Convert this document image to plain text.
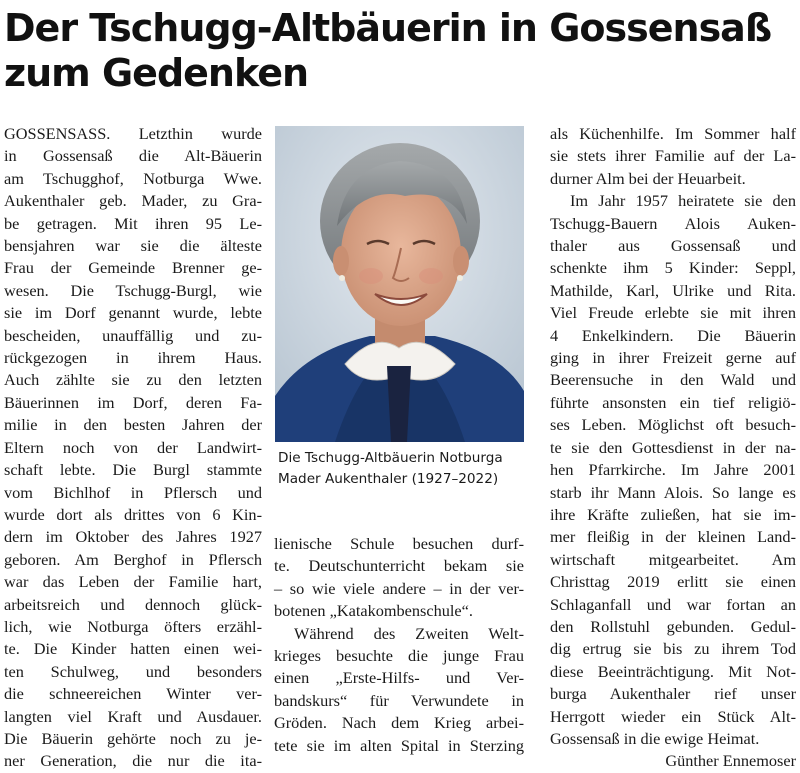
Der Tschugg-Altbäuerin in Gossensaß
zum Gedenken
GOSSENSASS. Letzthin wurde
in Gossensaß die Alt-Bäuerin
am Tschugghof, Notburga Wwe.
Aukenthaler geb. Mader, zu Gra-
be getragen. Mit ihren 95 Le-
bensjahren war sie die älteste
Frau der Gemeinde Brenner ge-
wesen. Die Tschugg-Burgl, wie
sie im Dorf genannt wurde, lebte
bescheiden, unauffällig und zu-
rückgezogen in ihrem Haus.
Auch zählte sie zu den letzten
Bäuerinnen im Dorf, deren Fa-
milie in den besten Jahren der
Eltern noch von der Landwirt-
schaft lebte. Die Burgl stammte
vom Bichlhof in Pflersch und
wurde dort als drittes von 6 Kin-
dern im Oktober des Jahres 1927
geboren. Am Berghof in Pflersch
war das Leben der Familie hart,
arbeitsreich und dennoch glück-
lich, wie Notburga öfters erzähl-
te. Die Kinder hatten einen wei-
ten Schulweg, und besonders
die schneereichen Winter ver-
langten viel Kraft und Ausdauer.
Die Bäuerin gehörte noch zu je-
ner Generation, die nur die ita-
Die Tschugg-Altbäuerin Notburga
Mader Aukenthaler (1927–2022)
lienische Schule besuchen durf-
te. Deutschunterricht bekam sie
– so wie viele andere – in der ver-
botenen „Katakombenschule“.
Während des Zweiten Welt-
krieges besuchte die junge Frau
einen „Erste-Hilfs- und Ver-
bandskurs“ für Verwundete in
Gröden. Nach dem Krieg arbei-
tete sie im alten Spital in Sterzing
als Küchenhilfe. Im Sommer half
sie stets ihrer Familie auf der La-
durner Alm bei der Heuarbeit.
Im Jahr 1957 heiratete sie den
Tschugg-Bauern Alois Auken-
thaler aus Gossensaß und
schenkte ihm 5 Kinder: Seppl,
Mathilde, Karl, Ulrike und Rita.
Viel Freude erlebte sie mit ihren
4 Enkelkindern. Die Bäuerin
ging in ihrer Freizeit gerne auf
Beerensuche in den Wald und
führte ansonsten ein tief religiö-
ses Leben. Möglichst oft besuch-
te sie den Gottesdienst in der na-
hen Pfarrkirche. Im Jahre 2001
starb ihr Mann Alois. So lange es
ihre Kräfte zuließen, hat sie im-
mer fleißig in der kleinen Land-
wirtschaft mitgearbeitet. Am
Christtag 2019 erlitt sie einen
Schlaganfall und war fortan an
den Rollstuhl gebunden. Gedul-
dig ertrug sie bis zu ihrem Tod
diese Beeinträchtigung. Mit Not-
burga Aukenthaler rief unser
Herrgott wieder ein Stück Alt-
Gossensaß in die ewige Heimat.
Günther Ennemoser
